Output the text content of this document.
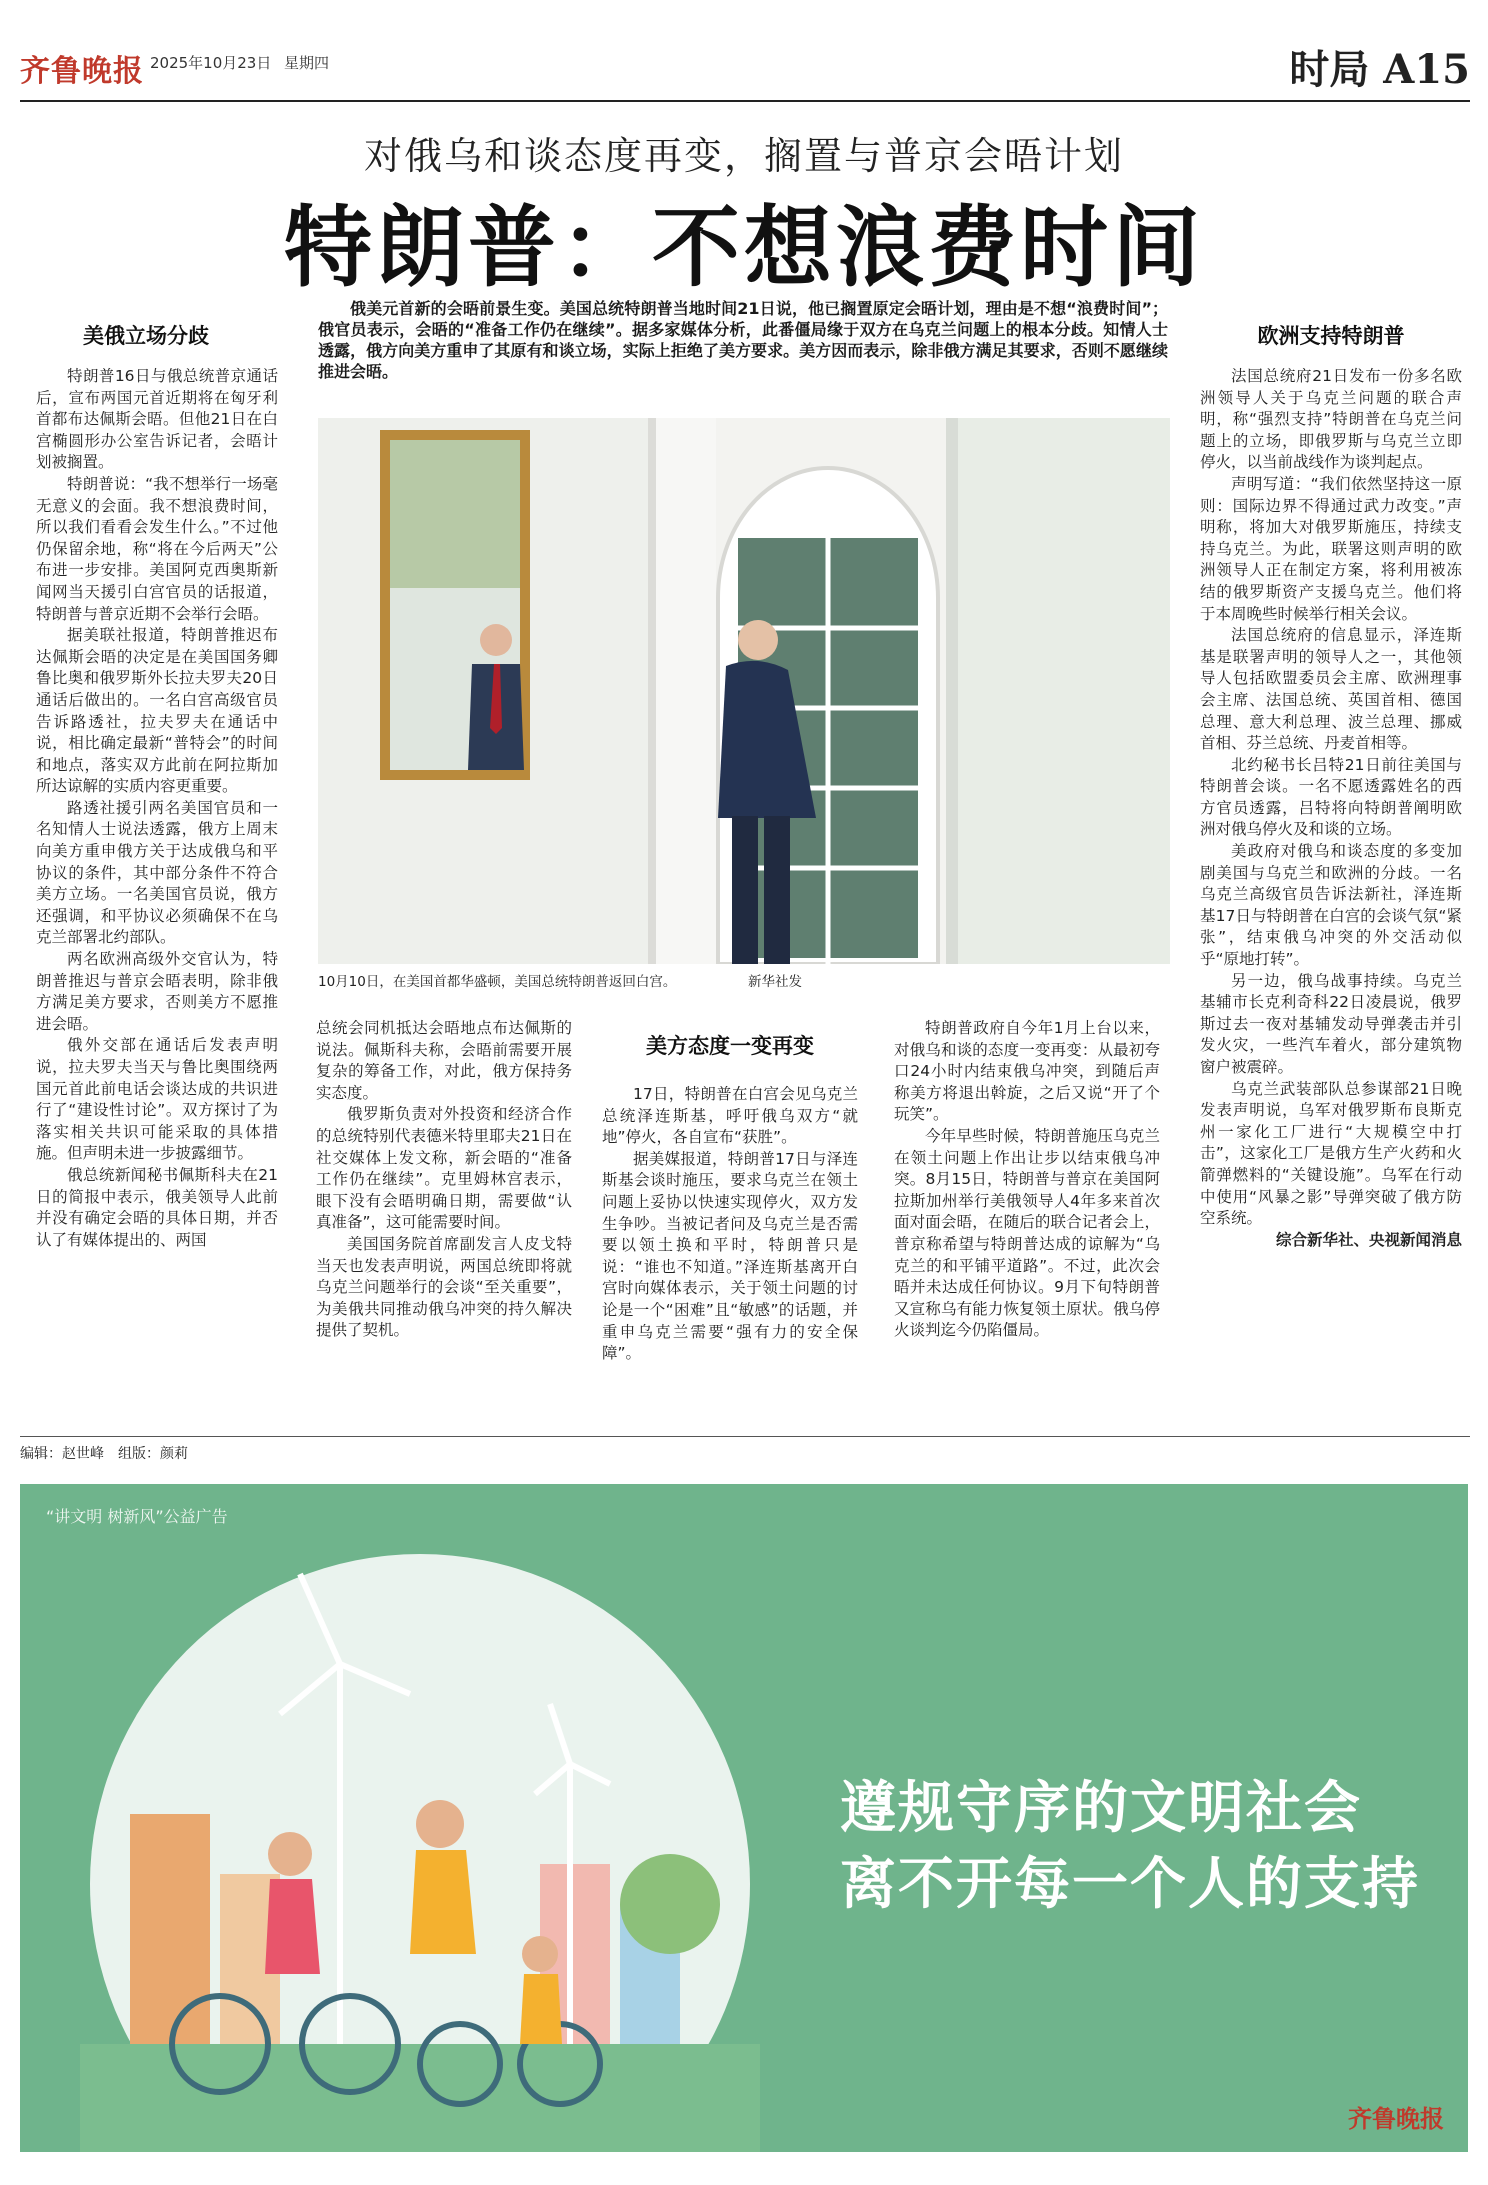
齐鲁晚报 2025年10月23日 星期四	时局 A15
对俄乌和谈态度再变，搁置与普京会晤计划
特朗普：不想浪费时间

俄美元首新的会晤前景生变。美国总统特朗普当地时间21日说，他已搁置原定会晤计划，理由是不想“浪费时间”；俄官员表示，会晤的“准备工作仍在继续”。据多家媒体分析，此番僵局缘于双方在乌克兰问题上的根本分歧。知情人士透露，俄方向美方重申了其原有和谈立场，实际上拒绝了美方要求。美方因而表示，除非俄方满足其要求，否则不愿继续推进会晤。

10月10日，在美国首都华盛顿，美国总统特朗普返回白宫。	新华社发
美俄立场分歧

特朗普16日与俄总统普京通话后，宣布两国元首近期将在匈牙利首都布达佩斯会晤。但他21日在白宫椭圆形办公室告诉记者，会晤计划被搁置。

特朗普说：“我不想举行一场毫无意义的会面。我不想浪费时间，所以我们看看会发生什么。”不过他仍保留余地，称“将在今后两天”公布进一步安排。美国阿克西奥斯新闻网当天援引白宫官员的话报道，特朗普与普京近期不会举行会晤。

据美联社报道，特朗普推迟布达佩斯会晤的决定是在美国国务卿鲁比奥和俄罗斯外长拉夫罗夫20日通话后做出的。一名白宫高级官员告诉路透社，拉夫罗夫在通话中说，相比确定最新“普特会”的时间和地点，落实双方此前在阿拉斯加所达谅解的实质内容更重要。

路透社援引两名美国官员和一名知情人士说法透露，俄方上周末向美方重申俄方关于达成俄乌和平协议的条件，其中部分条件不符合美方立场。一名美国官员说，俄方还强调，和平协议必须确保不在乌克兰部署北约部队。

两名欧洲高级外交官认为，特朗普推迟与普京会晤表明，除非俄方满足美方要求，否则美方不愿推进会晤。

俄外交部在通话后发表声明说，拉夫罗夫当天与鲁比奥围绕两国元首此前电话会谈达成的共识进行了“建设性讨论”。双方探讨了为落实相关共识可能采取的具体措施。但声明未进一步披露细节。

俄总统新闻秘书佩斯科夫在21日的简报中表示，俄美领导人此前并没有确定会晤的具体日期，并否认了有媒体提出的、两国

总统会同机抵达会晤地点布达佩斯的说法。佩斯科夫称，会晤前需要开展复杂的筹备工作，对此，俄方保持务实态度。

俄罗斯负责对外投资和经济合作的总统特别代表德米特里耶夫21日在社交媒体上发文称，新会晤的“准备工作仍在继续”。克里姆林宫表示，眼下没有会晤明确日期，需要做“认真准备”，这可能需要时间。

美国国务院首席副发言人皮戈特当天也发表声明说，两国总统即将就乌克兰问题举行的会谈“至关重要”，为美俄共同推动俄乌冲突的持久解决提供了契机。

美方态度一变再变

17日，特朗普在白宫会见乌克兰总统泽连斯基，呼吁俄乌双方“就地”停火，各自宣布“获胜”。

据美媒报道，特朗普17日与泽连斯基会谈时施压，要求乌克兰在领土问题上妥协以快速实现停火，双方发生争吵。当被记者问及乌克兰是否需要以领土换和平时，特朗普只是说：“谁也不知道。”泽连斯基离开白宫时向媒体表示，关于领土问题的讨论是一个“困难”且“敏感”的话题，并重申乌克兰需要“强有力的安全保障”。

特朗普政府自今年1月上台以来，对俄乌和谈的态度一变再变：从最初夸口24小时内结束俄乌冲突，到随后声称美方将退出斡旋，之后又说“开了个玩笑”。

今年早些时候，特朗普施压乌克兰在领土问题上作出让步以结束俄乌冲突。8月15日，特朗普与普京在美国阿拉斯加州举行美俄领导人4年多来首次面对面会晤，在随后的联合记者会上，普京称希望与特朗普达成的谅解为“乌克兰的和平铺平道路”。不过，此次会晤并未达成任何协议。9月下旬特朗普又宣称乌有能力恢复领土原状。俄乌停火谈判迄今仍陷僵局。

欧洲支持特朗普

法国总统府21日发布一份多名欧洲领导人关于乌克兰问题的联合声明，称“强烈支持”特朗普在乌克兰问题上的立场，即俄罗斯与乌克兰立即停火，以当前战线作为谈判起点。

声明写道：“我们依然坚持这一原则：国际边界不得通过武力改变。”声明称，将加大对俄罗斯施压，持续支持乌克兰。为此，联署这则声明的欧洲领导人正在制定方案，将利用被冻结的俄罗斯资产支援乌克兰。他们将于本周晚些时候举行相关会议。

法国总统府的信息显示，泽连斯基是联署声明的领导人之一，其他领导人包括欧盟委员会主席、欧洲理事会主席、法国总统、英国首相、德国总理、意大利总理、波兰总理、挪威首相、芬兰总统、丹麦首相等。

北约秘书长吕特21日前往美国与特朗普会谈。一名不愿透露姓名的西方官员透露，吕特将向特朗普阐明欧洲对俄乌停火及和谈的立场。

美政府对俄乌和谈态度的多变加剧美国与乌克兰和欧洲的分歧。一名乌克兰高级官员告诉法新社，泽连斯基17日与特朗普在白宫的会谈气氛“紧张”，结束俄乌冲突的外交活动似乎“原地打转”。

另一边，俄乌战事持续。乌克兰基辅市长克利奇科22日凌晨说，俄罗斯过去一夜对基辅发动导弹袭击并引发火灾，一些汽车着火，部分建筑物窗户被震碎。

乌克兰武装部队总参谋部21日晚发表声明说，乌军对俄罗斯布良斯克州一家化工厂进行“大规模空中打击”，这家化工厂是俄方生产火药和火箭弹燃料的“关键设施”。乌军在行动中使用“风暴之影”导弹突破了俄方防空系统。

综合新华社、央视新闻消息

编辑：赵世峰　组版：颜莉
“讲文明 树新风”公益广告
遵规守序的文明社会
离不开每一个人的支持
齐鲁晚报
